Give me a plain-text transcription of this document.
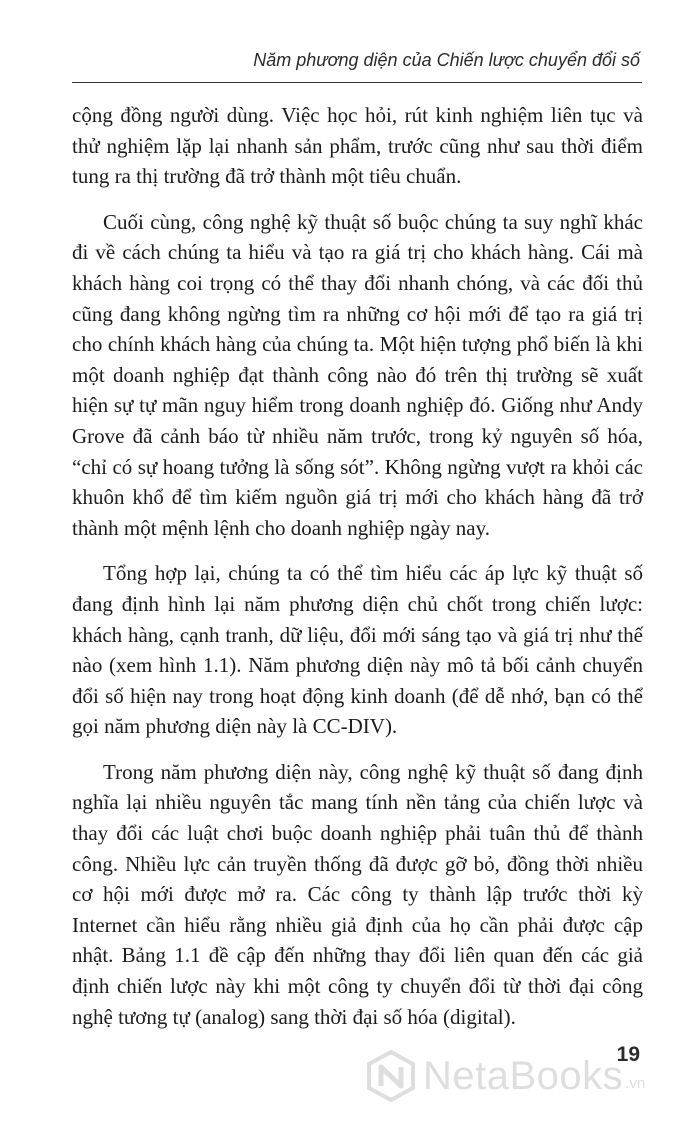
Năm phương diện của Chiến lược chuyển đổi số

cộng đồng người dùng. Việc học hỏi, rút kinh nghiệm liên tục và thử nghiệm lặp lại nhanh sản phẩm, trước cũng như sau thời điểm tung ra thị trường đã trở thành một tiêu chuẩn.

Cuối cùng, công nghệ kỹ thuật số buộc chúng ta suy nghĩ khác đi về cách chúng ta hiểu và tạo ra giá trị cho khách hàng. Cái mà khách hàng coi trọng có thể thay đổi nhanh chóng, và các đối thủ cũng đang không ngừng tìm ra những cơ hội mới để tạo ra giá trị cho chính khách hàng của chúng ta. Một hiện tượng phổ biến là khi một doanh nghiệp đạt thành công nào đó trên thị trường sẽ xuất hiện sự tự mãn nguy hiểm trong doanh nghiệp đó. Giống như Andy Grove đã cảnh báo từ nhiều năm trước, trong kỷ nguyên số hóa, “chỉ có sự hoang tưởng là sống sót”. Không ngừng vượt ra khỏi các khuôn khổ để tìm kiếm nguồn giá trị mới cho khách hàng đã trở thành một mệnh lệnh cho doanh nghiệp ngày nay.

Tổng hợp lại, chúng ta có thể tìm hiểu các áp lực kỹ thuật số đang định hình lại năm phương diện chủ chốt trong chiến lược: khách hàng, cạnh tranh, dữ liệu, đổi mới sáng tạo và giá trị như thế nào (xem hình 1.1). Năm phương diện này mô tả bối cảnh chuyển đổi số hiện nay trong hoạt động kinh doanh (để dễ nhớ, bạn có thể gọi năm phương diện này là CC-DIV).

Trong năm phương diện này, công nghệ kỹ thuật số đang định nghĩa lại nhiều nguyên tắc mang tính nền tảng của chiến lược và thay đổi các luật chơi buộc doanh nghiệp phải tuân thủ để thành công. Nhiều lực cản truyền thống đã được gỡ bỏ, đồng thời nhiều cơ hội mới được mở ra. Các công ty thành lập trước thời kỳ Internet cần hiểu rằng nhiều giả định của họ cần phải được cập nhật. Bảng 1.1 đề cập đến những thay đổi liên quan đến các giả định chiến lược này khi một công ty chuyển đổi từ thời đại công nghệ tương tự (analog) sang thời đại số hóa (digital).

19
NetaBooks .vn
